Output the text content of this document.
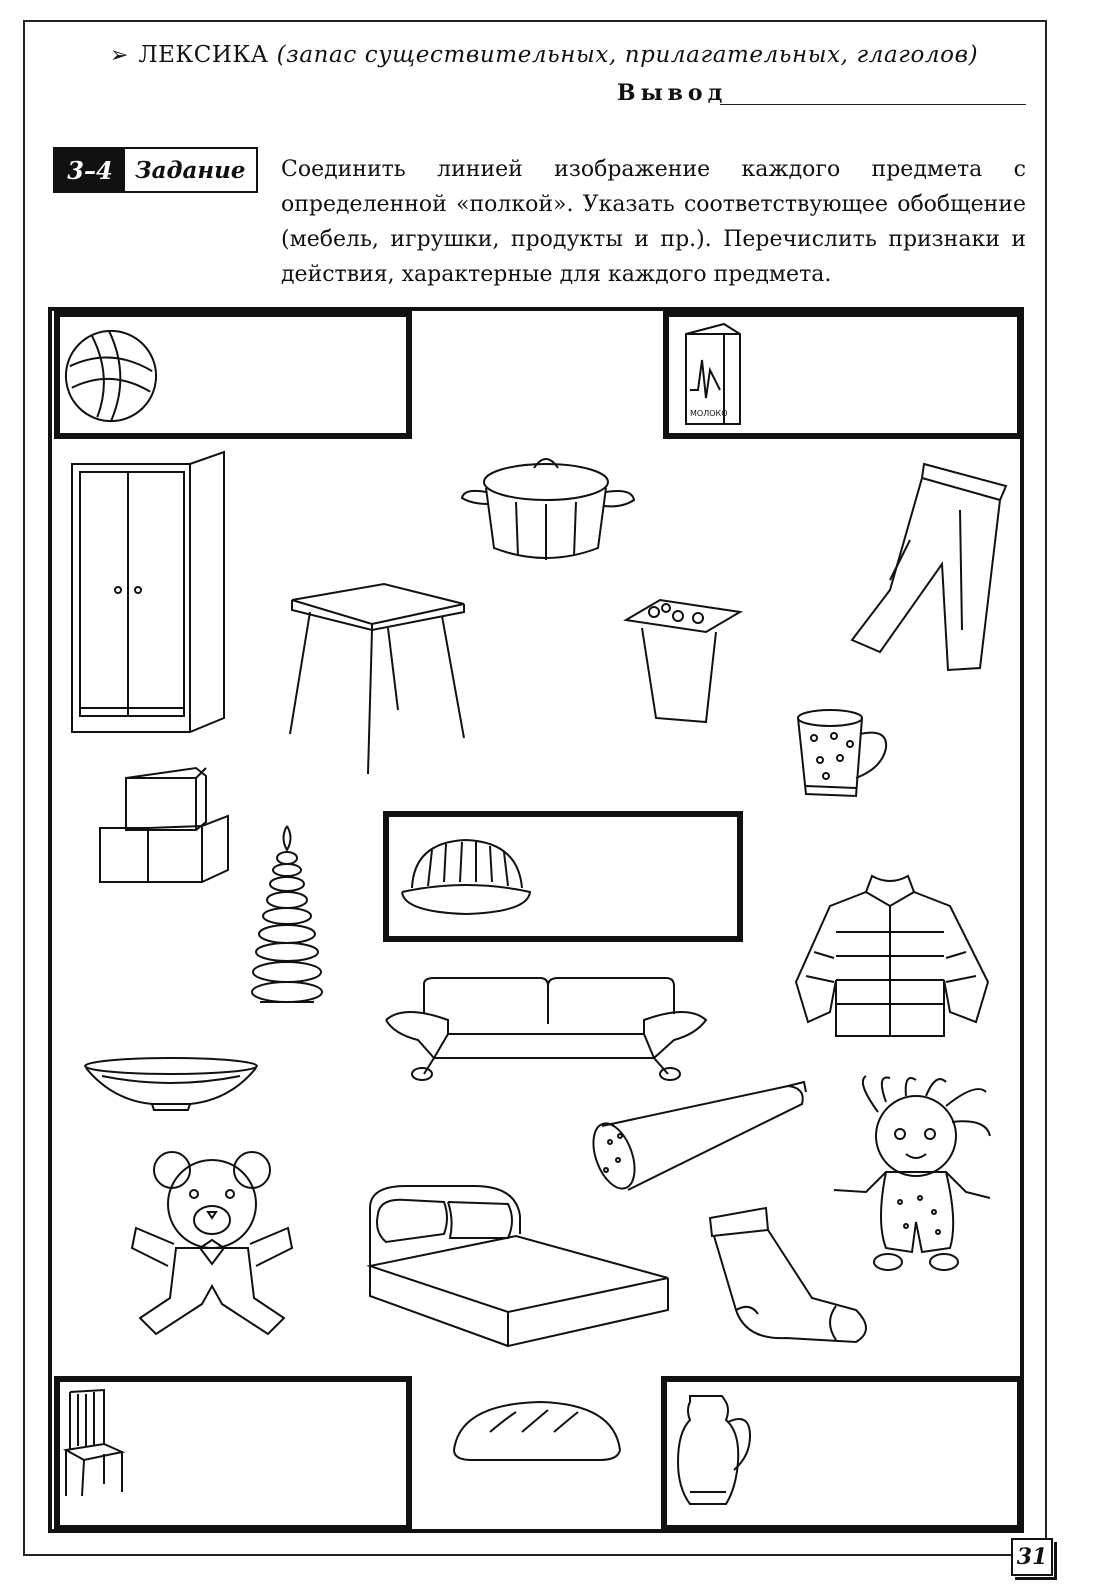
➢ ЛЕКСИКА (запас существительных, прилагательных, глаголов)
Вывод
3–4 Задание	Соединить линией изображение каждого предмета с определенной «полкой». Указать соответствующее обобщение (мебель, игрушки, продукты и пр.). Перечислить признаки и действия, характерные для каждого предмета.
МОЛОКО
31
